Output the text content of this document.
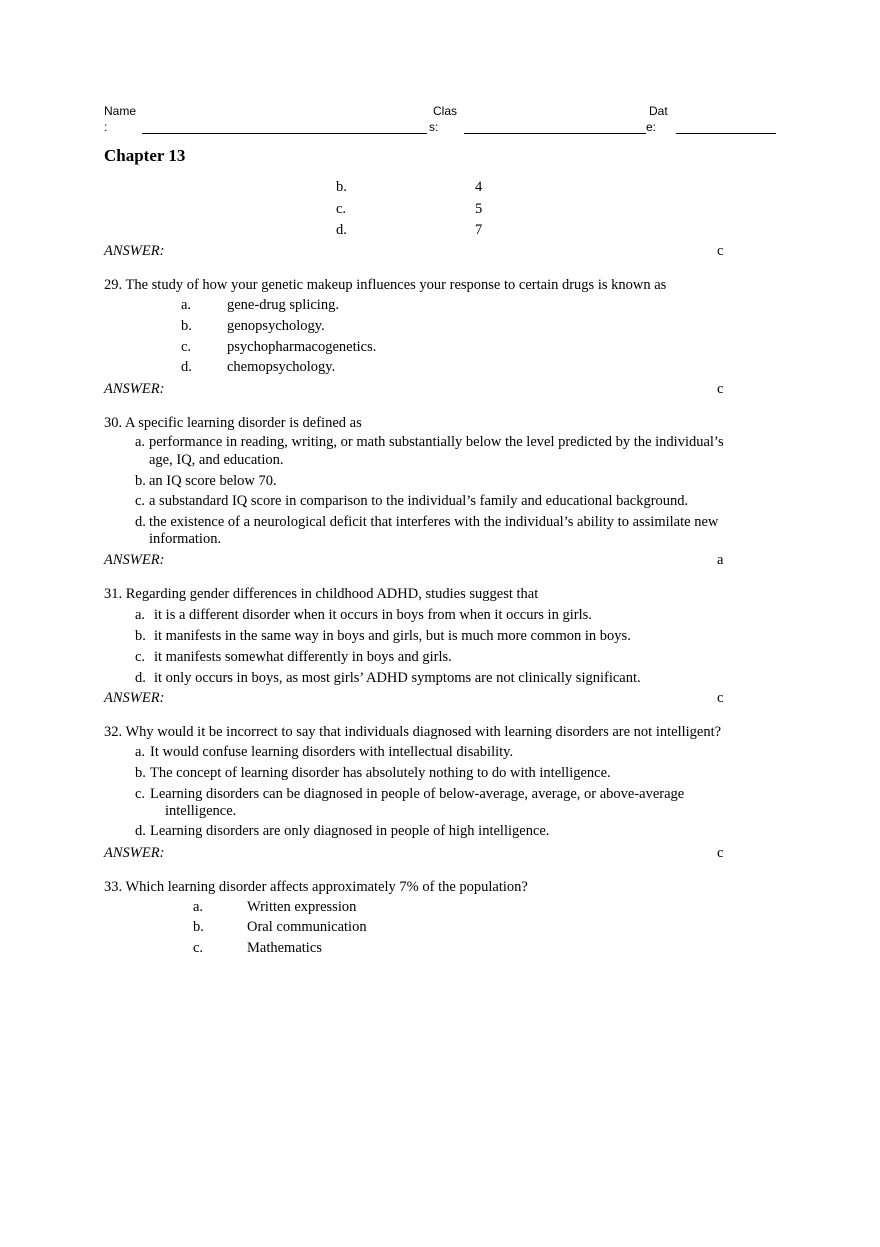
Name
:
Clas
s:
Dat
e:
Chapter 13
b.	4
c.	5
d.	7
ANSWER:	c
29. The study of how your genetic makeup influences your response to certain drugs is known as
a. gene-drug splicing.
b. genopsychology.
c. psychopharmacogenetics.
d. chemopsychology.
ANSWER:	c
30. A specific learning disorder is defined as
a. performance in reading, writing, or math substantially below the level predicted by the individual’s
age, IQ, and education.
b. an IQ score below 70.
c. a substandard IQ score in comparison to the individual’s family and educational background.
d. the existence of a neurological deficit that interferes with the individual’s ability to assimilate new
information.
ANSWER:	a
31. Regarding gender differences in childhood ADHD, studies suggest that
a. it is a different disorder when it occurs in boys from when it occurs in girls.
b. it manifests in the same way in boys and girls, but is much more common in boys.
c. it manifests somewhat differently in boys and girls.
d. it only occurs in boys, as most girls’ ADHD symptoms are not clinically significant.
ANSWER:	c
32. Why would it be incorrect to say that individuals diagnosed with learning disorders are not intelligent?
a. It would confuse learning disorders with intellectual disability.
b. The concept of learning disorder has absolutely nothing to do with intelligence.
c. Learning disorders can be diagnosed in people of below-average, average, or above-average
intelligence.
d. Learning disorders are only diagnosed in people of high intelligence.
ANSWER:	c
33. Which learning disorder affects approximately 7% of the population?
a.	Written expression
b.	Oral communication
c.	Mathematics
